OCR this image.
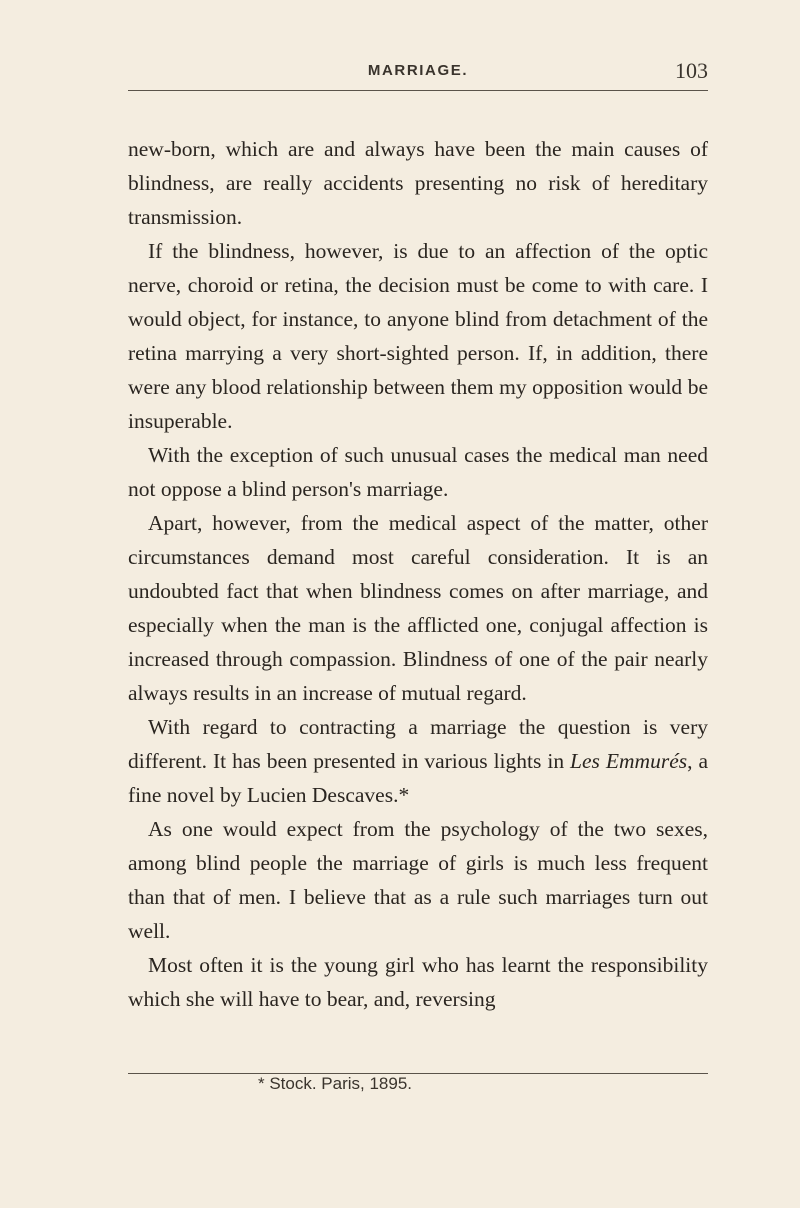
MARRIAGE.	103

new-born, which are and always have been the main causes of blindness, are really accidents presenting no risk of hereditary transmission.

If the blindness, however, is due to an affection of the optic nerve, choroid or retina, the decision must be come to with care. I would object, for instance, to anyone blind from detachment of the retina marrying a very short-sighted person. If, in addition, there were any blood relationship between them my opposition would be insuperable.

With the exception of such unusual cases the medical man need not oppose a blind person's marriage.

Apart, however, from the medical aspect of the matter, other circumstances demand most careful consideration. It is an undoubted fact that when blindness comes on after marriage, and especially when the man is the afflicted one, conjugal affection is increased through compassion. Blindness of one of the pair nearly always results in an increase of mutual regard.

With regard to contracting a marriage the question is very different. It has been presented in various lights in Les Emmurés, a fine novel by Lucien Descaves.*

As one would expect from the psychology of the two sexes, among blind people the marriage of girls is much less frequent than that of men. I believe that as a rule such marriages turn out well.

Most often it is the young girl who has learnt the responsibility which she will have to bear, and, reversing

* Stock. Paris, 1895.
